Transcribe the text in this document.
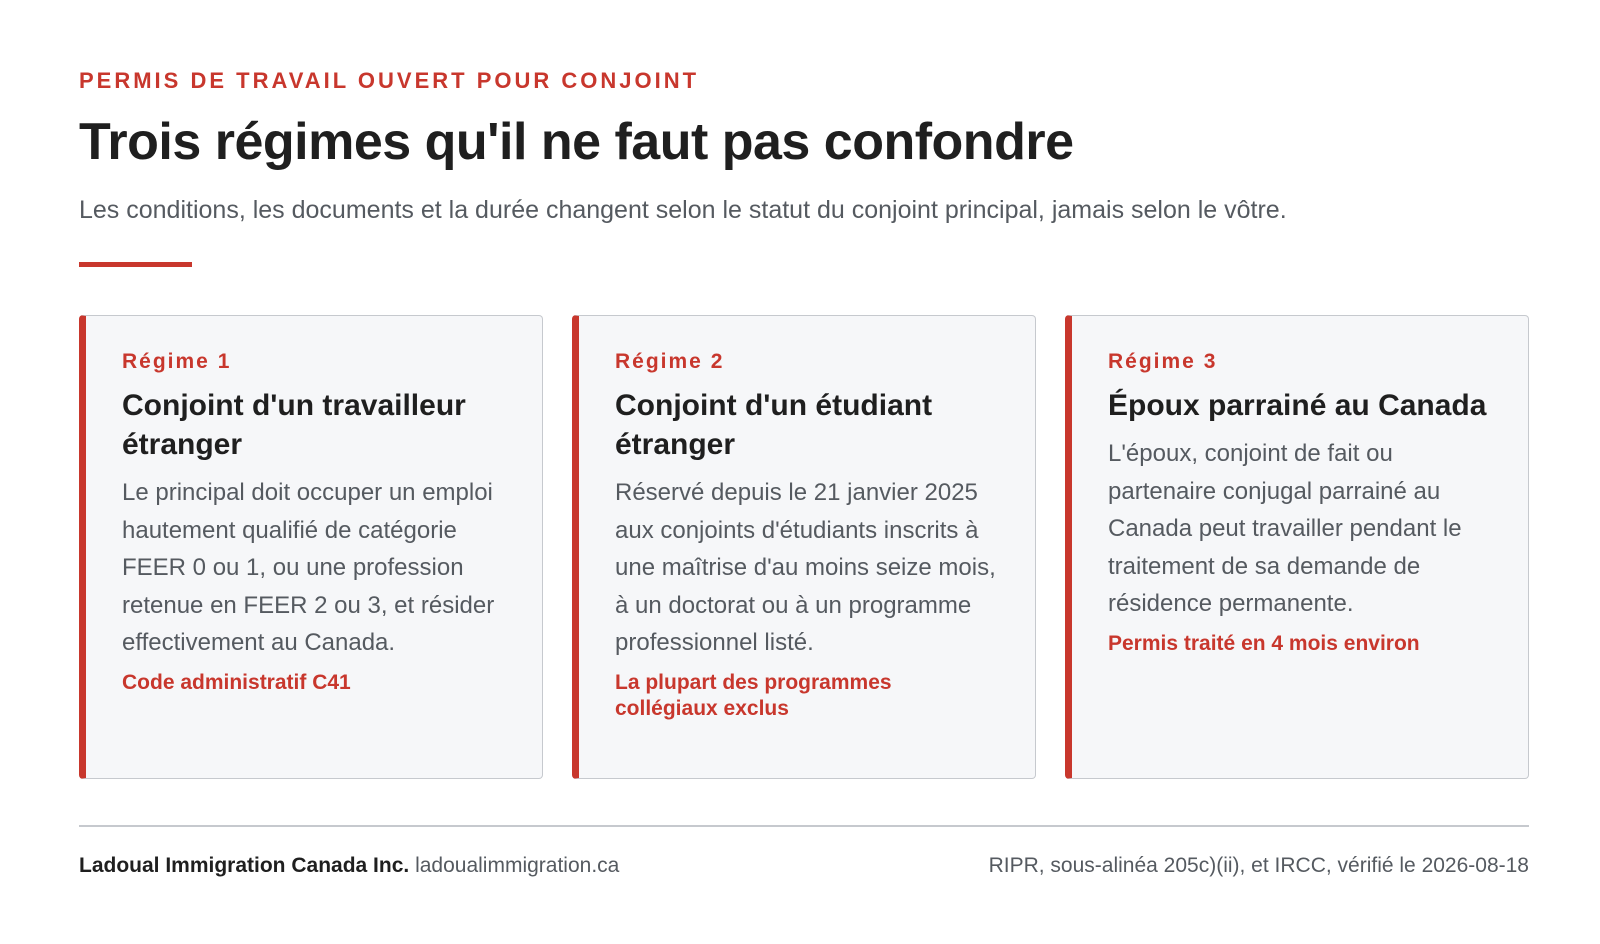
PERMIS DE TRAVAIL OUVERT POUR CONJOINT
Trois régimes qu'il ne faut pas confondre

Les conditions, les documents et la durée changent selon le statut du conjoint principal, jamais selon le vôtre.

Régime 1
Conjoint d'un travailleur étranger
Le principal doit occuper un emploi hautement qualifié de catégorie FEER 0 ou 1, ou une profession retenue en FEER 2 ou 3, et résider effectivement au Canada.
Code administratif C41
Régime 2
Conjoint d'un étudiant étranger
Réservé depuis le 21 janvier 2025 aux conjoints d'étudiants inscrits à une maîtrise d'au moins seize mois, à un doctorat ou à un programme professionnel listé.
La plupart des programmes collégiaux exclus
Régime 3
Époux parrainé au Canada
L'époux, conjoint de fait ou partenaire conjugal parrainé au Canada peut travailler pendant le traitement de sa demande de résidence permanente.
Permis traité en 4 mois environ
Ladoual Immigration Canada Inc. ladoualimmigration.ca	RIPR, sous-alinéa 205c)(ii), et IRCC, vérifié le 2026-08-18
